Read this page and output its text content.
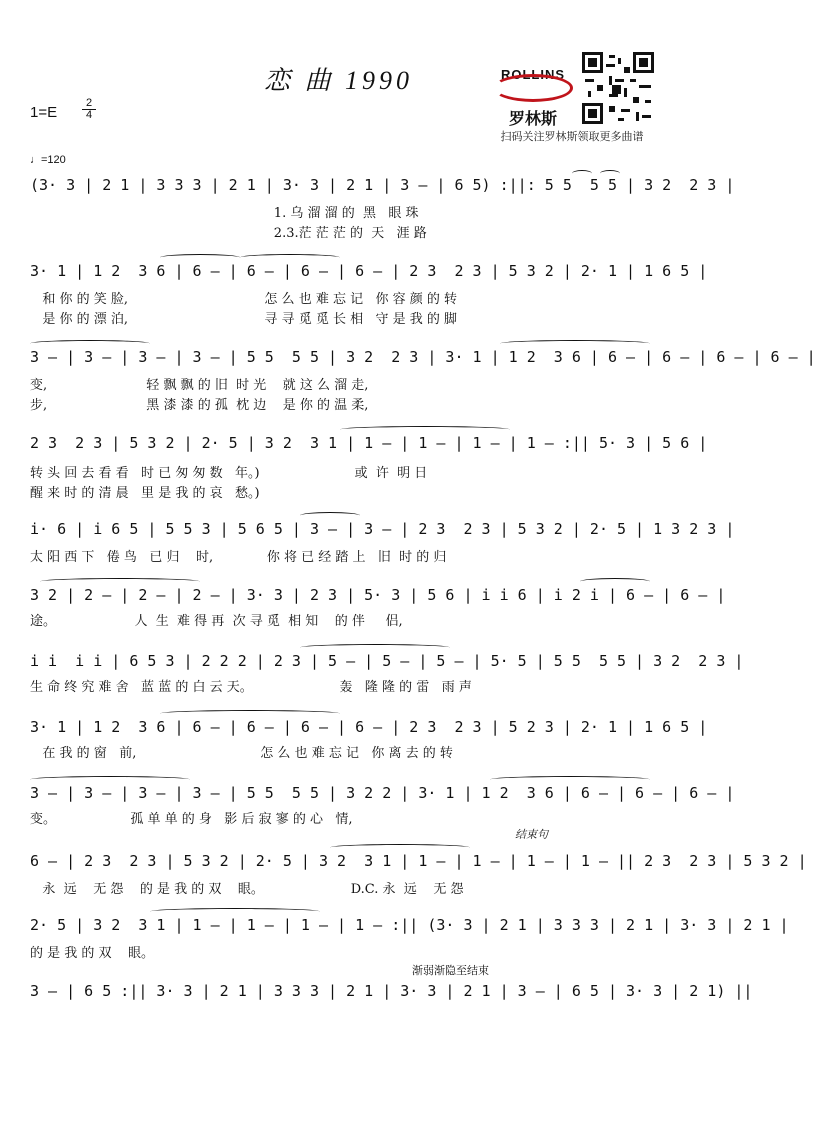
恋 曲 1990
1=E
2
4
♩=120
ROLLINS
罗林斯
扫码关注罗林斯领取更多曲谱
(3· 3 | 2 1 | 3 3 3 | 2 1 | 3· 3 | 2 1 | 3 – | 6 5) :||: 5 5  5 5 | 3 2  2 3 |
1. 乌 溜 溜 的  黑   眼 珠
2.3.茫 茫 茫 的  天   涯 路
3· 1 | 1 2  3 6 | 6 – | 6 – | 6 – | 6 – | 2 3  2 3 | 5 3 2 | 2· 1 | 1 6 5 |
和 你 的 笑 脸,                                 怎 么 也 难 忘 记   你 容 颜 的 转
是 你 的 漂 泊,                                 寻 寻 觅 觅 长 相   守 是 我 的 脚
3 – | 3 – | 3 – | 3 – | 5 5  5 5 | 3 2  2 3 | 3· 1 | 1 2  3 6 | 6 – | 6 – | 6 – | 6 – |
变,                        轻 飘 飘 的 旧  时 光    就 这 么 溜 走,
步,                        黑 漆 漆 的 孤  枕 边    是 你 的 温 柔,
2 3  2 3 | 5 3 2 | 2· 5 | 3 2  3 1 | 1 – | 1 – | 1 – | 1 – :|| 5· 3 | 5 6 |
转 头 回 去 看 看   时 已 匆 匆 数   年。)                       或  许  明 日
醒 来 时 的 清 晨   里 是 我 的 哀   愁。)
i· 6 | i 6 5 | 5 5 3 | 5 6 5 | 3 – | 3 – | 2 3  2 3 | 5 3 2 | 2· 5 | 1 3 2 3 |
太 阳 西 下   倦 鸟   已 归    时,             你 将 已 经 踏 上   旧  时 的 归
3 2 | 2 – | 2 – | 2 – | 3· 3 | 2 3 | 5· 3 | 5 6 | i i 6 | i 2 i | 6 – | 6 – |
途。                   人  生  难 得 再  次 寻 觅  相 知    的 伴     侣,
i i  i i | 6 5 3 | 2 2 2 | 2 3 | 5 – | 5 – | 5 – | 5· 5 | 5 5  5 5 | 3 2  2 3 |
生 命 终 究 难 舍   蓝 蓝 的 白 云 天。                     轰   隆 隆 的 雷   雨 声
3· 1 | 1 2  3 6 | 6 – | 6 – | 6 – | 6 – | 2 3  2 3 | 5 2 3 | 2· 1 | 1 6 5 |
在 我 的 窗   前,                              怎 么 也 难 忘 记   你 离 去 的 转
3 – | 3 – | 3 – | 3 – | 5 5  5 5 | 3 2 2 | 3· 1 | 1 2  3 6 | 6 – | 6 – | 6 – |
变。                  孤 单 单 的 身   影 后 寂 寥 的 心   情,
结束句
6 – | 2 3  2 3 | 5 3 2 | 2· 5 | 3 2  3 1 | 1 – | 1 – | 1 – | 1 – || 2 3  2 3 | 5 3 2 |
永  远    无 怨    的 是 我 的 双    眼。                     D.C. 永  远    无 怨
2· 5 | 3 2  3 1 | 1 – | 1 – | 1 – | 1 – :|| (3· 3 | 2 1 | 3 3 3 | 2 1 | 3· 3 | 2 1 |
的 是 我 的 双    眼。
渐弱渐隐至结束
3 – | 6 5 :|| 3· 3 | 2 1 | 3 3 3 | 2 1 | 3· 3 | 2 1 | 3 – | 6 5 | 3· 3 | 2 1) ||
